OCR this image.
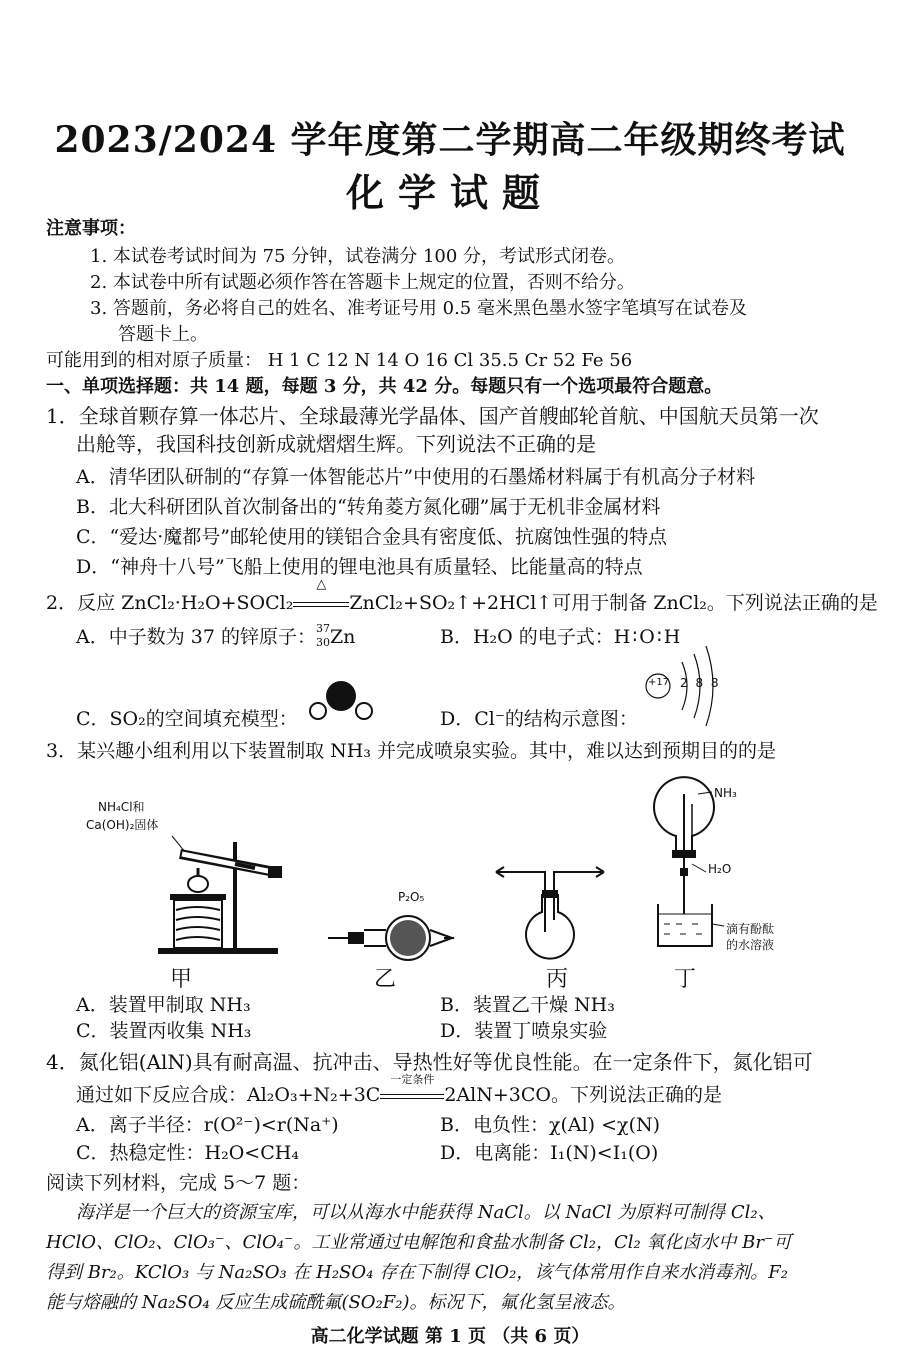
2023/2024 学年度第二学期高二年级期终考试
化学试题
注意事项：
1. 本试卷考试时间为 75 分钟，试卷满分 100 分，考试形式闭卷。
2. 本试卷中所有试题必须作答在答题卡上规定的位置，否则不给分。
3. 答题前，务必将自己的姓名、准考证号用 0.5 毫米黑色墨水签字笔填写在试卷及
答题卡上。
可能用到的相对原子质量： H 1 C 12 N 14 O 16 Cl 35.5 Cr 52 Fe 56
一、单项选择题：共 14 题，每题 3 分，共 42 分。每题只有一个选项最符合题意。
1．全球首颗存算一体芯片、全球最薄光学晶体、国产首艘邮轮首航、中国航天员第一次
出舱等，我国科技创新成就熠熠生辉。下列说法不正确的是
A．清华团队研制的“存算一体智能芯片”中使用的石墨烯材料属于有机高分子材料
B．北大科研团队首次制备出的“转角菱方氮化硼”属于无机非金属材料
C．“爱达·魔都号”邮轮使用的镁铝合金具有密度低、抗腐蚀性强的特点
D．“神舟十八号”飞船上使用的锂电池具有质量轻、比能量高的特点
2．反应 ZnCl₂·H₂O+SOCl₂
△
ZnCl₂+SO₂↑+2HCl↑可用于制备 ZnCl₂。下列说法正确的是
A．中子数为 37 的锌原子： 37
30 Zn	B．H₂O 的电子式：H∶O∶H
C．SO₂的空间填充模型：	D．Cl⁻的结构示意图：
+17 2 8 8
3．某兴趣小组利用以下装置制取 NH₃ 并完成喷泉实验。其中，难以达到预期目的的是
NH₄Cl和
Ca(OH)₂固体
甲
P₂O₅
乙	丙
NH₃
H₂O
滴有酚酞
的水溶液
丁
A．装置甲制取 NH₃	B．装置乙干燥 NH₃
C．装置丙收集 NH₃	D．装置丁喷泉实验
4．氮化铝(AlN)具有耐高温、抗冲击、导热性好等优良性能。在一定条件下，氮化铝可
通过如下反应合成：Al₂O₃+N₂+3C
一定条件
2AlN+3CO。下列说法正确的是
A．离子半径：r(O²⁻)<r(Na⁺)	B．电负性：χ(Al) <χ(N)
C．热稳定性：H₂O<CH₄	D．电离能：I₁(N)<I₁(O)
阅读下列材料，完成 5～7 题：
海洋是一个巨大的资源宝库，可以从海水中能获得 NaCl。以 NaCl 为原料可制得 Cl₂、
HClO、ClO₂、ClO₃⁻、ClO₄⁻。工业常通过电解饱和食盐水制备 Cl₂，Cl₂ 氧化卤水中 Br⁻可
得到 Br₂。KClO₃ 与 Na₂SO₃ 在 H₂SO₄ 存在下制得 ClO₂，该气体常用作自来水消毒剂。F₂
能与熔融的 Na₂SO₄ 反应生成硫酰氟(SO₂F₂)。标况下，氟化氢呈液态。
高二化学试题 第 1 页 （共 6 页）
